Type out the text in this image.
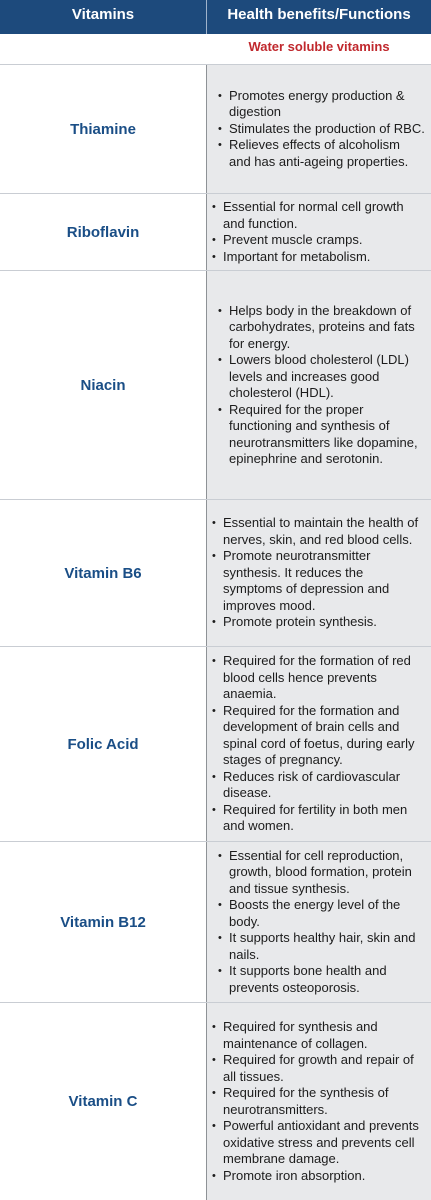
Vitamins	Health benefits/Functions
Water soluble vitamins
Thiamine
• Promotes energy production & digestion
• Stimulates the production of RBC.
• Relieves effects of alcoholism and has anti-ageing properties.
Riboflavin
• Essential for normal cell growth and function.
• Prevent muscle cramps.
• Important for metabolism.
Niacin
• Helps body in the breakdown of carbohydrates, proteins and fats for energy.
• Lowers blood cholesterol (LDL) levels and increases good cholesterol (HDL).
• Required for the proper functioning and synthesis of neurotransmitters like dopamine, epinephrine and serotonin.
Vitamin B6
• Essential to maintain the health of nerves, skin, and red blood cells.
• Promote neurotransmitter synthesis. It reduces the symptoms of depression and improves mood.
• Promote protein synthesis.
Folic Acid
• Required for the formation of red blood cells hence prevents anaemia.
• Required for the formation and development of brain cells and spinal cord of foetus, during early stages of pregnancy.
• Reduces risk of cardiovascular disease.
• Required for fertility in both men and women.
Vitamin B12
• Essential for cell reproduction, growth, blood formation, protein and tissue synthesis.
• Boosts the energy level of the body.
• It supports healthy hair, skin and nails.
• It supports bone health and prevents osteoporosis.
Vitamin C
• Required for synthesis and maintenance of collagen.
• Required for growth and repair of all tissues.
• Required for the synthesis of neurotransmitters.
• Powerful antioxidant and prevents oxidative stress and prevents cell membrane damage.
• Promote iron absorption.
